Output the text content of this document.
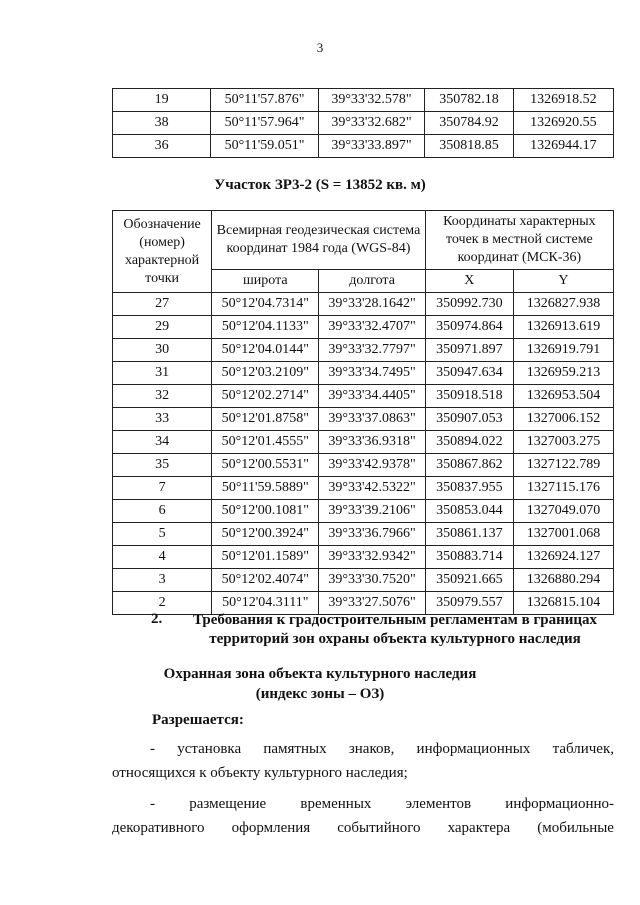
3
19	50°11'57.876"	39°33'32.578"	350782.18	1326918.52
38	50°11'57.964"	39°33'32.682"	350784.92	1326920.55
36	50°11'59.051"	39°33'33.897"	350818.85	1326944.17
Участок ЗР3-2 (S = 13852 кв. м)
Обозначение (номер) характерной точки	Всемирная геодезическая система координат 1984 года (WGS-84)		Координаты характерных точек в местной системе координат (МСК-36)	
	широта	долгота	X	Y
27	50°12'04.7314"	39°33'28.1642"	350992.730	1326827.938
29	50°12'04.1133"	39°33'32.4707"	350974.864	1326913.619
30	50°12'04.0144"	39°33'32.7797"	350971.897	1326919.791
31	50°12'03.2109"	39°33'34.7495"	350947.634	1326959.213
32	50°12'02.2714"	39°33'34.4405"	350918.518	1326953.504
33	50°12'01.8758"	39°33'37.0863"	350907.053	1327006.152
34	50°12'01.4555"	39°33'36.9318"	350894.022	1327003.275
35	50°12'00.5531"	39°33'42.9378"	350867.862	1327122.789
7	50°11'59.5889"	39°33'42.5322"	350837.955	1327115.176
6	50°12'00.1081"	39°33'39.2106"	350853.044	1327049.070
5	50°12'00.3924"	39°33'36.7966"	350861.137	1327001.068
4	50°12'01.1589"	39°33'32.9342"	350883.714	1326924.127
3	50°12'02.4074"	39°33'30.7520"	350921.665	1326880.294
2	50°12'04.3111"	39°33'27.5076"	350979.557	1326815.104
2.	Требования к градостроительным регламентам в границах территорий зон охраны объекта культурного наследия
Охранная зона объекта культурного наследия
(индекс зоны – ОЗ)
Разрешается:
- установка памятных знаков, информационных табличек,
относящихся к объекту культурного наследия;
- размещение временных элементов информационно-
декоративного оформления событийного характера (мобильные
